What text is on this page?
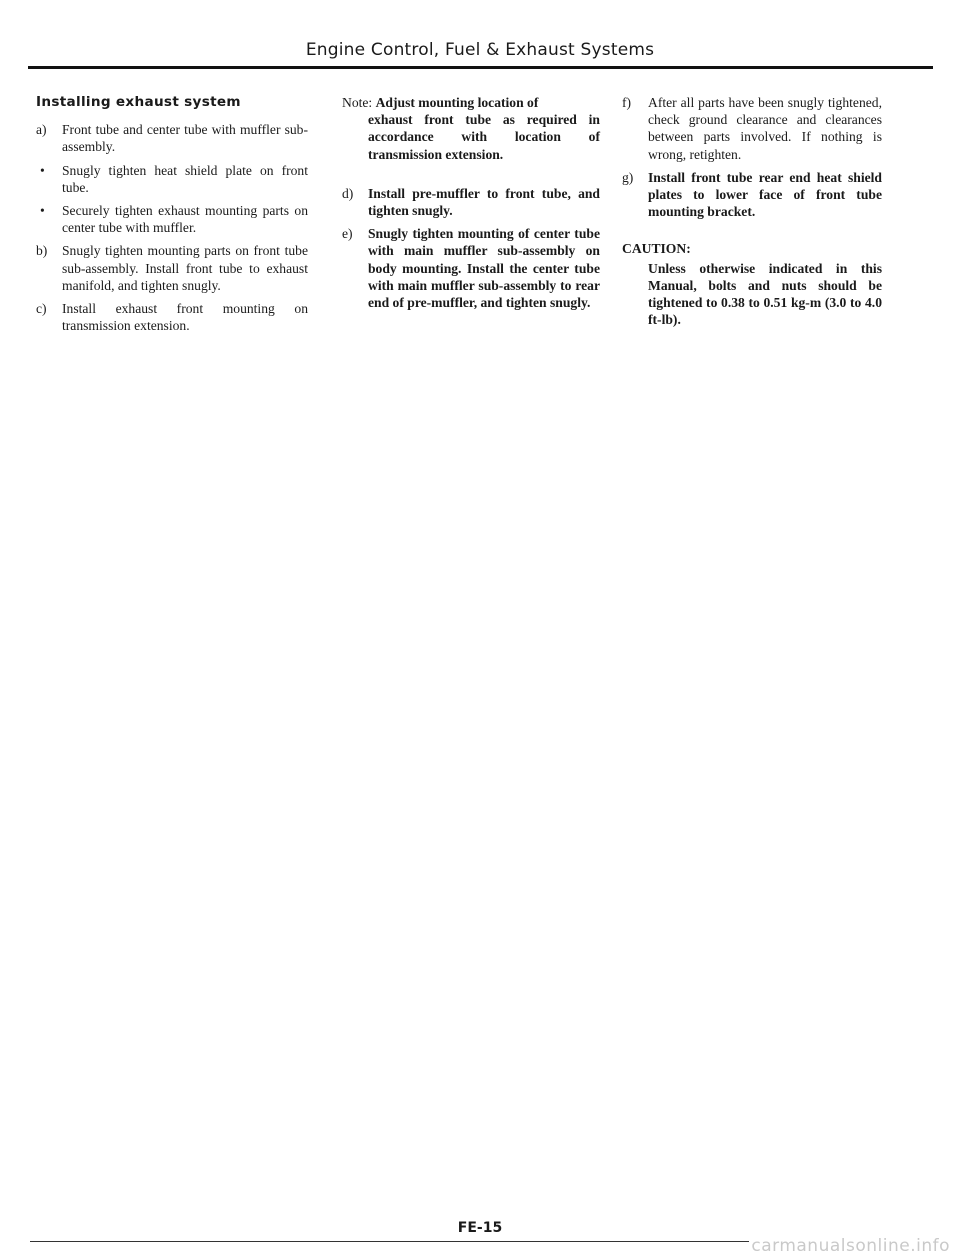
Engine Control, Fuel & Exhaust Systems
Installing exhaust system
a) Front tube and center tube with muffler sub-assembly.
• Snugly tighten heat shield plate on front tube.
• Securely tighten exhaust mounting parts on center tube with muffler.
b) Snugly tighten mounting parts on front tube sub-assembly. Install front tube to exhaust manifold, and tighten snugly.
c) Install exhaust front mounting on transmission extension.
Note: Adjust mounting location of
exhaust front tube as required in accordance with location of transmission extension.
d) Install pre-muffler to front tube, and tighten snugly.
e) Snugly tighten mounting of center tube with main muffler sub-assembly on body mounting. Install the center tube with main muffler sub-assembly to rear end of pre-muffler, and tighten snugly.
f) After all parts have been snugly tightened, check ground clearance and clearances between parts involved. If nothing is wrong, retighten.
g) Install front tube rear end heat shield plates to lower face of front tube mounting bracket.
CAUTION:
Unless otherwise indicated in this Manual, bolts and nuts should be tightened to 0.38 to 0.51 kg-m (3.0 to 4.0 ft-lb).
FE-15
carmanualsonline.info
